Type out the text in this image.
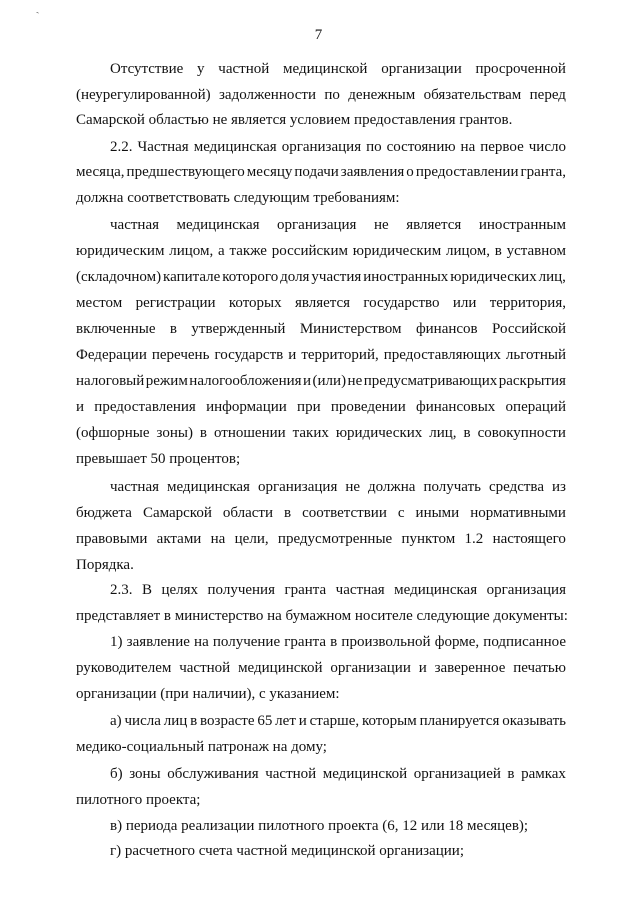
`
7
Отсутствие у частной медицинской организации просроченной
(неурегулированной) задолженности по денежным обязательствам перед
Самарской областью не является условием предоставления грантов.
2.2. Частная медицинская организация по состоянию на первое число
месяца, предшествующего месяцу подачи заявления о предоставлении гранта,
должна соответствовать следующим требованиям:
частная медицинская организация не является иностранным
юридическим лицом, а также российским юридическим лицом, в уставном
(складочном) капитале которого доля участия иностранных юридических лиц,
местом регистрации которых является государство или территория,
включенные в утвержденный Министерством финансов Российской
Федерации перечень государств и территорий, предоставляющих льготный
налоговый режим налогообложения и (или) не предусматривающих раскрытия
и предоставления информации при проведении финансовых операций
(офшорные зоны) в отношении таких юридических лиц, в совокупности
превышает 50 процентов;
частная медицинская организация не должна получать средства из
бюджета Самарской области в соответствии с иными нормативными
правовыми актами на цели, предусмотренные пунктом 1.2 настоящего
Порядка.
2.3. В целях получения гранта частная медицинская организация
представляет в министерство на бумажном носителе следующие документы:
1) заявление на получение гранта в произвольной форме, подписанное
руководителем частной медицинской организации и заверенное печатью
организации (при наличии), с указанием:
а) числа лиц в возрасте 65 лет и старше, которым планируется оказывать
медико-социальный патронаж на дому;
б) зоны обслуживания частной медицинской организацией в рамках
пилотного проекта;
в) периода реализации пилотного проекта (6, 12 или 18 месяцев);
г) расчетного счета частной медицинской организации;
